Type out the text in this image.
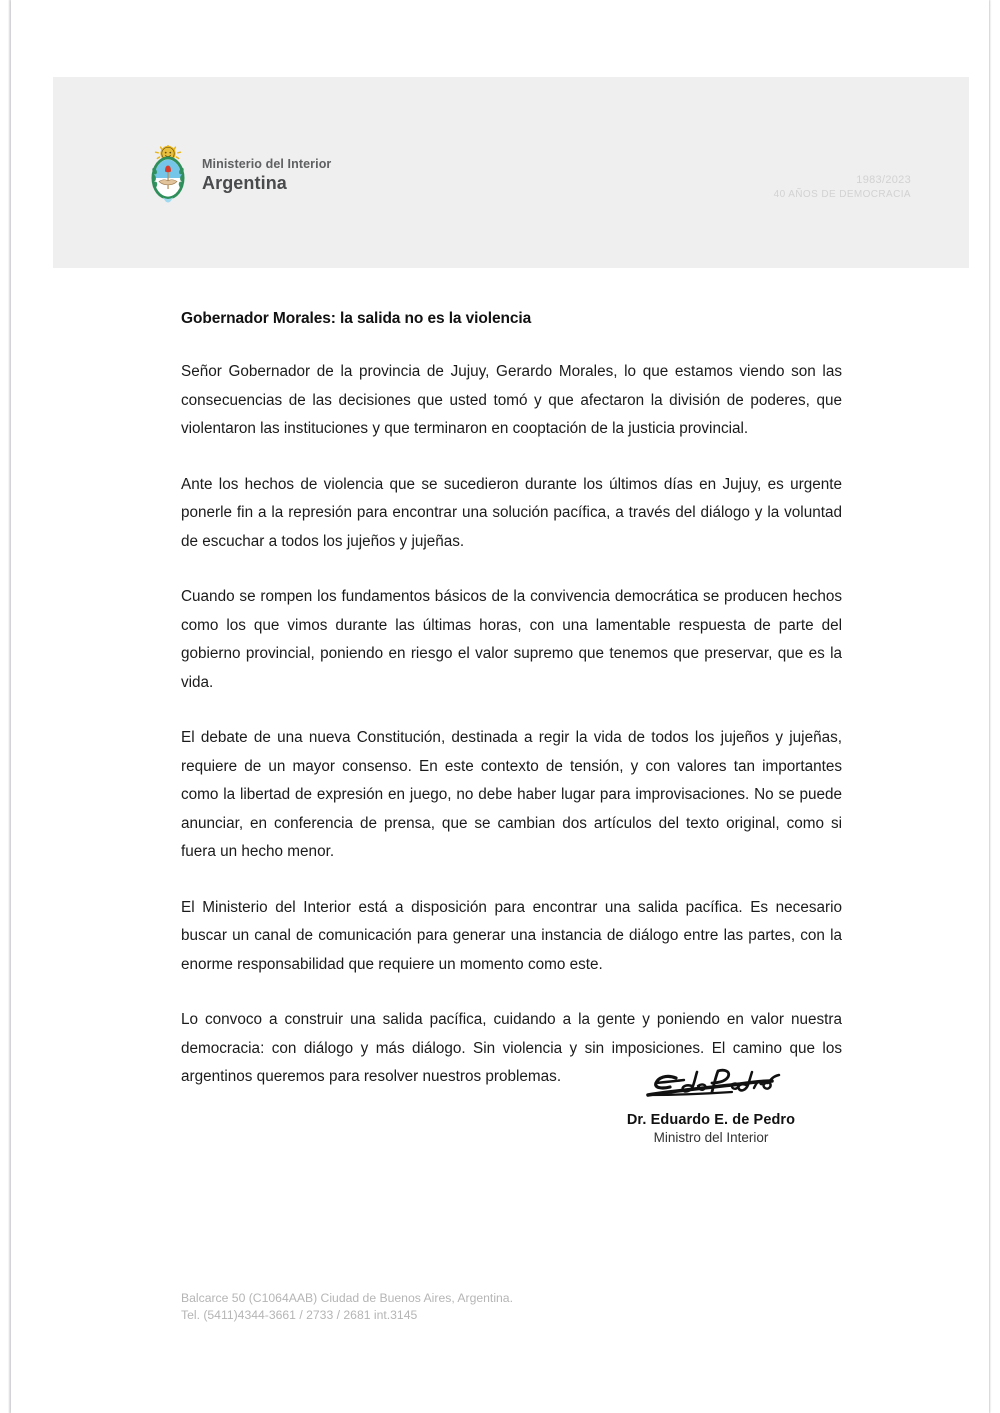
Ministerio del Interior
Argentina	1983/2023
40 AÑOS DE DEMOCRACIA
Gobernador Morales: la salida no es la violencia

Señor Gobernador de la provincia de Jujuy, Gerardo Morales, lo que estamos viendo son las consecuencias de las decisiones que usted tomó y que afectaron la división de poderes, que violentaron las instituciones y que terminaron en cooptación de la justicia provincial.

Ante los hechos de violencia que se sucedieron durante los últimos días en Jujuy, es urgente ponerle fin a la represión para encontrar una solución pacífica, a través del diálogo y la voluntad de escuchar a todos los jujeños y jujeñas.

Cuando se rompen los fundamentos básicos de la convivencia democrática se producen hechos como los que vimos durante las últimas horas, con una lamentable respuesta de parte del gobierno provincial, poniendo en riesgo el valor supremo que tenemos que preservar, que es la vida.

El debate de una nueva Constitución, destinada a regir la vida de todos los jujeños y jujeñas, requiere de un mayor consenso. En este contexto de tensión, y con valores tan importantes como la libertad de expresión en juego, no debe haber lugar para improvisaciones. No se puede anunciar, en conferencia de prensa, que se cambian dos artículos del texto original, como si fuera un hecho menor.

El Ministerio del Interior está a disposición para encontrar una salida pacífica. Es necesario buscar un canal de comunicación para generar una instancia de diálogo entre las partes, con la enorme responsabilidad que requiere un momento como este.

Lo convoco a construir una salida pacífica, cuidando a la gente y poniendo en valor nuestra democracia: con diálogo y más diálogo. Sin violencia y sin imposiciones. El camino que los argentinos queremos para resolver nuestros problemas.

Dr. Eduardo E. de Pedro
Ministro del Interior
Balcarce 50 (C1064AAB) Ciudad de Buenos Aires, Argentina.
Tel. (5411)4344-3661 / 2733 / 2681 int.3145
